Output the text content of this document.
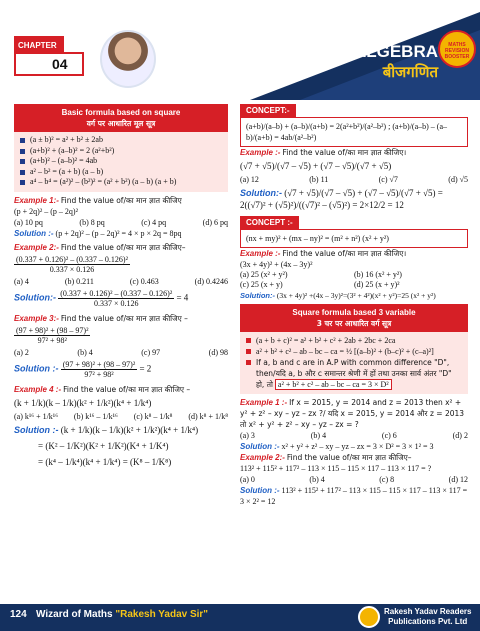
CHAPTER
04
ALGEBRA
बीजगणित
MATHS REVISION BOOSTER
Basic formula based on square
वर्ग पर आधारित मूल सूत्र
(a ± b)² = a² + b² ± 2ab
(a+b)² + (a–b)² = 2 (a²+b²)
(a+b)² – (a–b)² = 4ab
a² – b² = (a + b) (a – b)
a⁴ – b⁴ = (a²)² – (b²)² = (a² + b²) (a – b) (a + b)
Example 1:- Find the value of/का मान ज्ञात कीजिए
(p + 2q)² – (p – 2q)²
(a) 10 pq	(b) 8 pq	(c) 4 pq	(d) 6 pq
Solution :- (p + 2q)² – (p – 2q)² = 4 × p × 2q = 8pq
Example 2:- Find the value of/का मान ज्ञात कीजिए–
$\frac{\text{(0.337 + 0.126)² – (0.337 – 0.126)²}}{0.337 \times 0.126}$
(a) 4	(b) 0.211	(c) 0.463	(d) 0.4246
Solution:- $\frac{\text{(0.337 + 0.126)² – (0.337 – 0.126)²}}{0.337 \times 0.126} = 4$
Example 3:- Find the value of/का मान ज्ञात कीजिए –
$\frac{\text{(97 + 98)² + (98 – 97)²}}{\text{97² + 98²}}$
(a) 2	(b) 4	(c) 97	(d) 98
Solution :- $\frac{\text{(97 + 98)² + (98 – 97)²}}{\text{97² + 98²}} = 2$
Example 4 :- Find the value of/का मान ज्ञात कीजिए –
(k + 1/k)(k – 1/k)(k² + 1/k²)(k⁴ + 1/k⁴)
(a) k¹⁶ + 1/k¹⁶ (b) k¹⁶ – 1/k¹⁶ (c) k⁸ – 1/k⁸ (d) k⁸ + 1/k⁸
Solution :- (k + 1/k)(k – 1/k)(k² + 1/k²)(k⁴ + 1/k⁴)
= (K² – 1/K²)(K² + 1/K²)(K⁴ + 1/K⁴)
= (k⁴ – 1/k⁴)(k⁴ + 1/k⁴) = (K⁸ – 1/K⁸)
CONCEPT:-
(a+b)/(a–b) + (a–b)/(a+b) = 2(a²+b²)/(a²–b²) ; (a+b)/(a–b) – (a–b)/(a+b) = 4ab/(a²–b²)
Example :- Find the value of/का मान ज्ञात कीजिए।
(√7 + √5)/(√7 – √5) + (√7 – √5)/(√7 + √5)
(a) 12	(b) 11	(c) √7	(d) √5
Solution:- (√7 + √5)/(√7 – √5) + (√7 – √5)/(√7 + √5) = 2((√7)² + (√5)²)/((√7)² – (√5)²) = 2×12/2 = 12
CONCEPT :-
(nx + my)² + (mx – ny)² = (m² + n²) (x² + y²)
Example :- Find the value of/का मान ज्ञात कीजिए।
(3x + 4y)² + (4x – 3y)²
(a) 25 (x² + y²)	(b) 16 (x² + y²)
(c) 25 (x + y)	(d) 25 (x + y)²
Solution:- (3x + 4y)² +(4x – 3y)²=(3² + 4²)(x² + y²)=25 (x² + y²)
Square formula based 3 variable
3 चर पर आधारित वर्ग सूत्र
(a + b + c)² = a² + b² + c² + 2ab + 2bc + 2ca
a² + b² + c² – ab – bc – ca = ½ [(a–b)² + (b–c)² + (c–a)²]
If a, b and c are in A.P with common difference "D", then/यदि a, b और c समान्तर श्रेणी में हों तथा उनका सार्व अंतर "D" हो, तो a² + b² + c² – ab – bc – ca = 3 × D²
Example 1 :- If x = 2015, y = 2014 and z = 2013 then x² + y² + z² – xy – yz – zx ?/ यदि x = 2015, y = 2014 और z = 2013 तो x² + y² + z² – xy – yz – zx = ?
(a) 3	(b) 4	(c) 6	(d) 2
Solution :- x² + y² + z² – xy – yz – zx = 3 × D² = 3 × 1² = 3
Example 2:- Find the value of/का मान ज्ञात कीजिए–
113² + 115² + 117² – 113 × 115 – 115 × 117 – 113 × 117 = ?
(a) 0	(b) 4	(c) 8	(d) 12
Solution :- 113² + 115² + 117² – 113 × 115 – 115 × 117 – 113 × 117 = 3 × 2² = 12
124 Wizard of Maths "Rakesh Yadav Sir"	Rakesh Yadav Readers
Publications Pvt. Ltd
